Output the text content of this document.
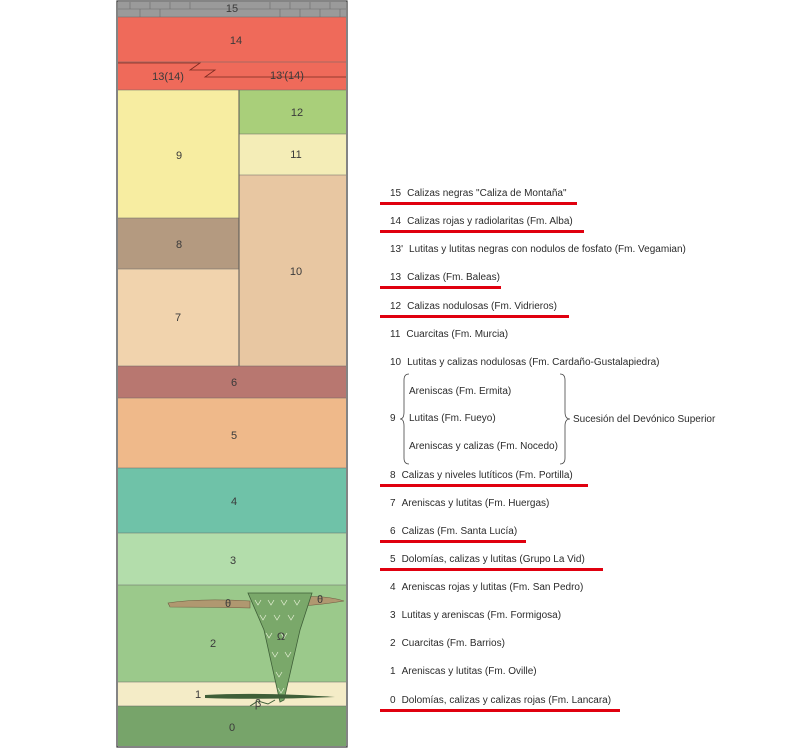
15
14
13(14)	13'(14)
12
11
10
9
8
7
6
5
4
3
2
1
0
θ	θ
Ω
β
15 Calizas negras "Caliza de Montaña"
14 Calizas rojas y radiolaritas (Fm. Alba)
13' Lutitas y lutitas negras con nodulos de fosfato (Fm. Vegamian)
13 Calizas (Fm. Baleas)
12 Calizas nodulosas (Fm. Vidrieros)
11 Cuarcitas (Fm. Murcia)
10 Lutitas y calizas nodulosas (Fm. Cardaño-Gustalapiedra)
Areniscas (Fm. Ermita)
9 Lutitas (Fm. Fueyo)
Areniscas y calizas (Fm. Nocedo)
8 Calizas y niveles lutíticos (Fm. Portilla)
7 Areniscas y lutitas (Fm. Huergas)
6 Calizas (Fm. Santa Lucía)
5 Dolomías, calizas y lutitas (Grupo La Vid)
4 Areniscas rojas y lutitas (Fm. San Pedro)
3 Lutitas y areniscas (Fm. Formigosa)
2 Cuarcitas (Fm. Barrios)
1 Areniscas y lutitas (Fm. Oville)
0 Dolomías, calizas y calizas rojas (Fm. Lancara)
Sucesión del Devónico Superior
